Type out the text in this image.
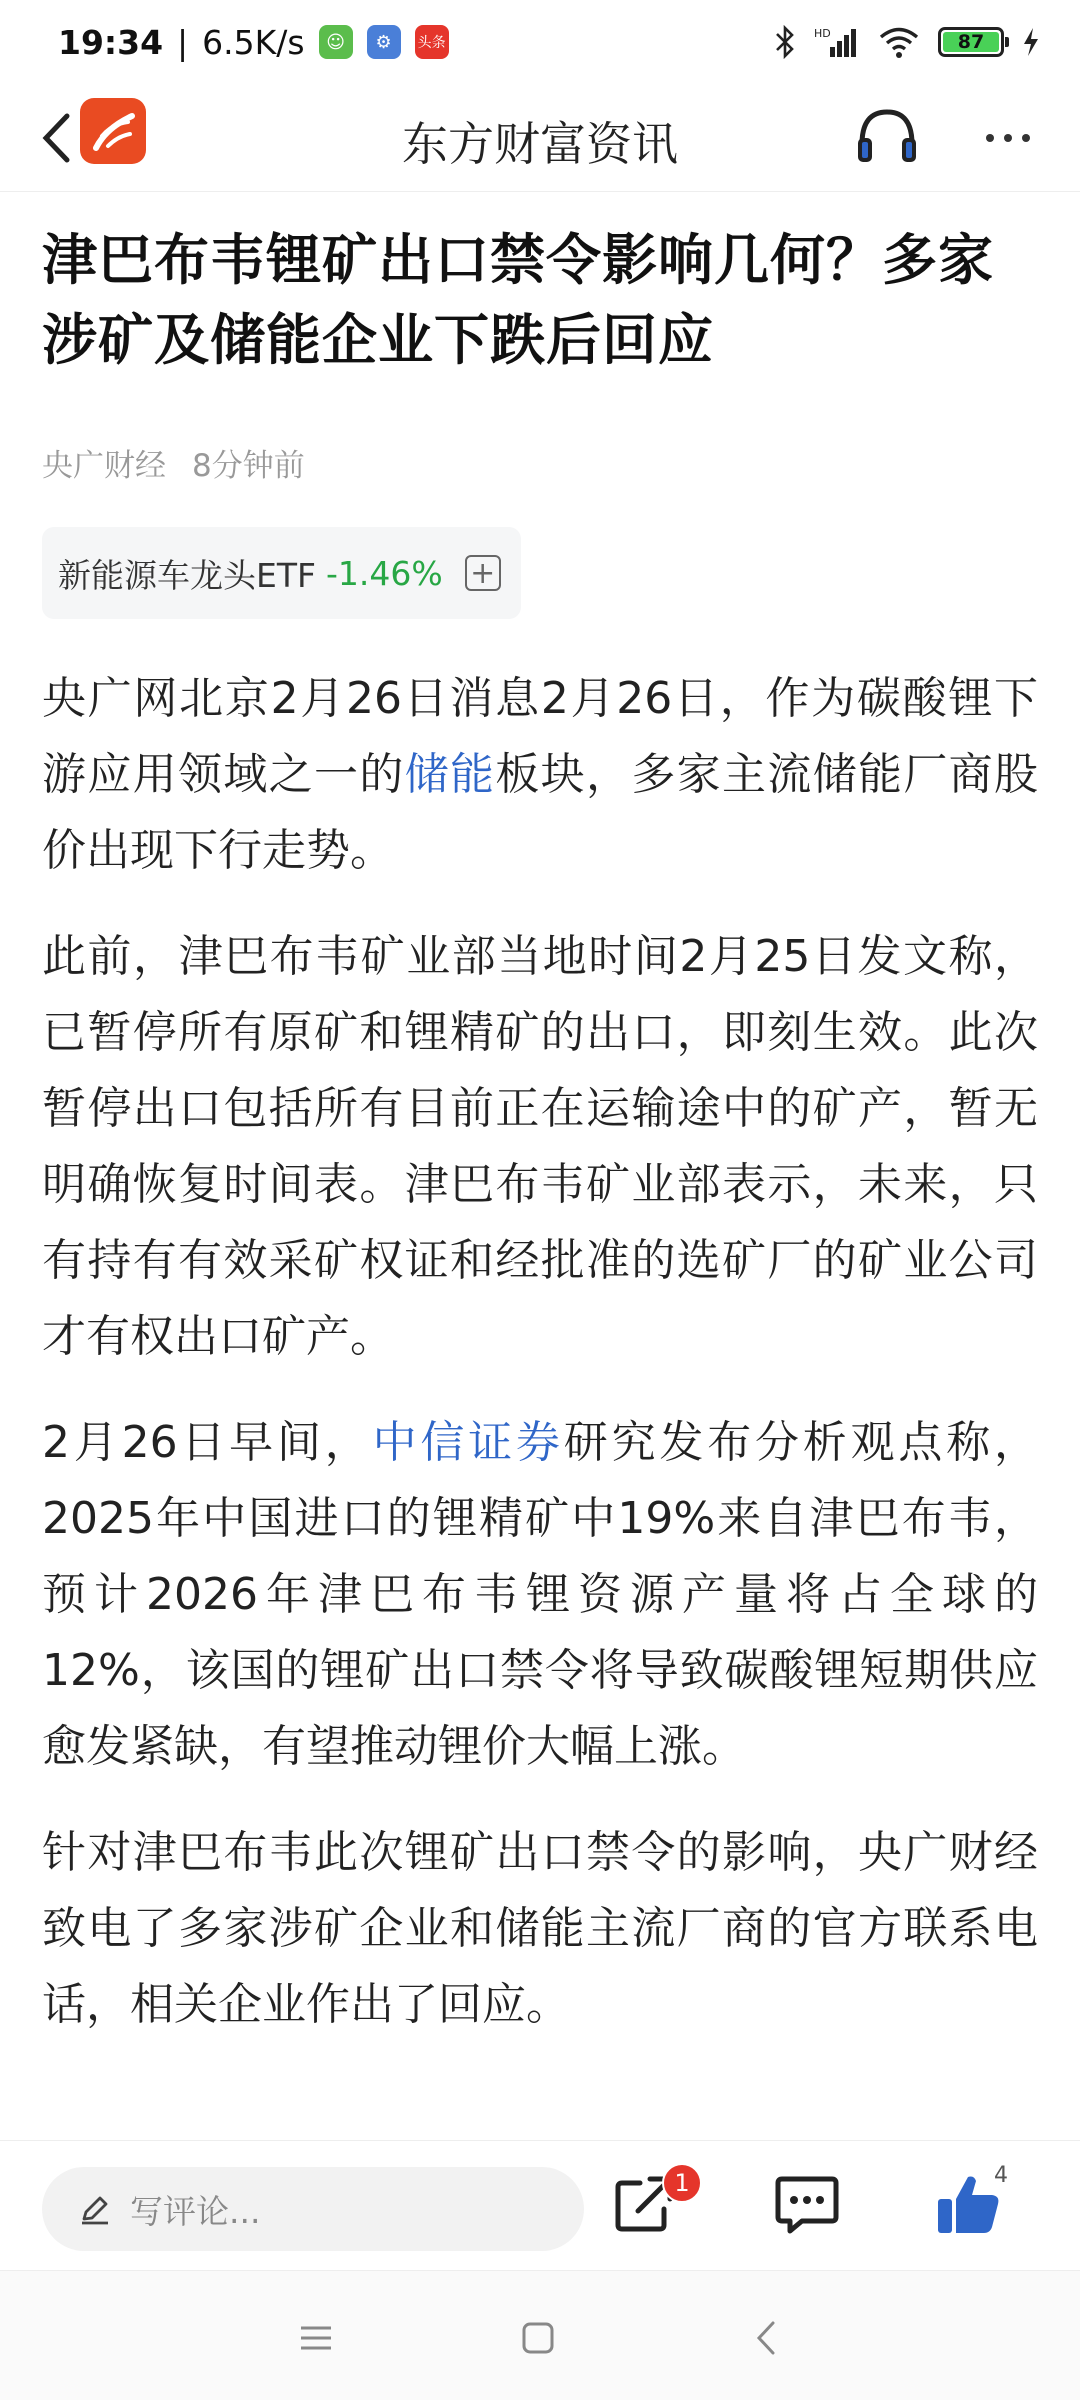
19:34 | 6.5K/s	☺	⚙	头条
HD	87
东方财富资讯
津巴布韦锂矿出口禁令影响几何？多家涉矿及储能企业下跌后回应
央广财经 8分钟前
新能源车龙头ETF -1.46% +

央广网北京2月26日消息2月26日，作为碳酸锂下游应用领域之一的储能板块，多家主流储能厂商股价出现下行走势。

此前，津巴布韦矿业部当地时间2月25日发文称，已暂停所有原矿和锂精矿的出口，即刻生效。此次暂停出口包括所有目前正在运输途中的矿产，暂无明确恢复时间表。津巴布韦矿业部表示，未来，只有持有有效采矿权证和经批准的选矿厂的矿业公司才有权出口矿产。

2月26日早间，中信证券研究发布分析观点称，2025年中国进口的锂精矿中19%来自津巴布韦，预计2026年津巴布韦锂资源产量将占全球的12%，该国的锂矿出口禁令将导致碳酸锂短期供应愈发紧缺，有望推动锂价大幅上涨。

针对津巴布韦此次锂矿出口禁令的影响，央广财经致电了多家涉矿企业和储能主流厂商的官方联系电话，相关企业作出了回应。

写评论...
1	4
